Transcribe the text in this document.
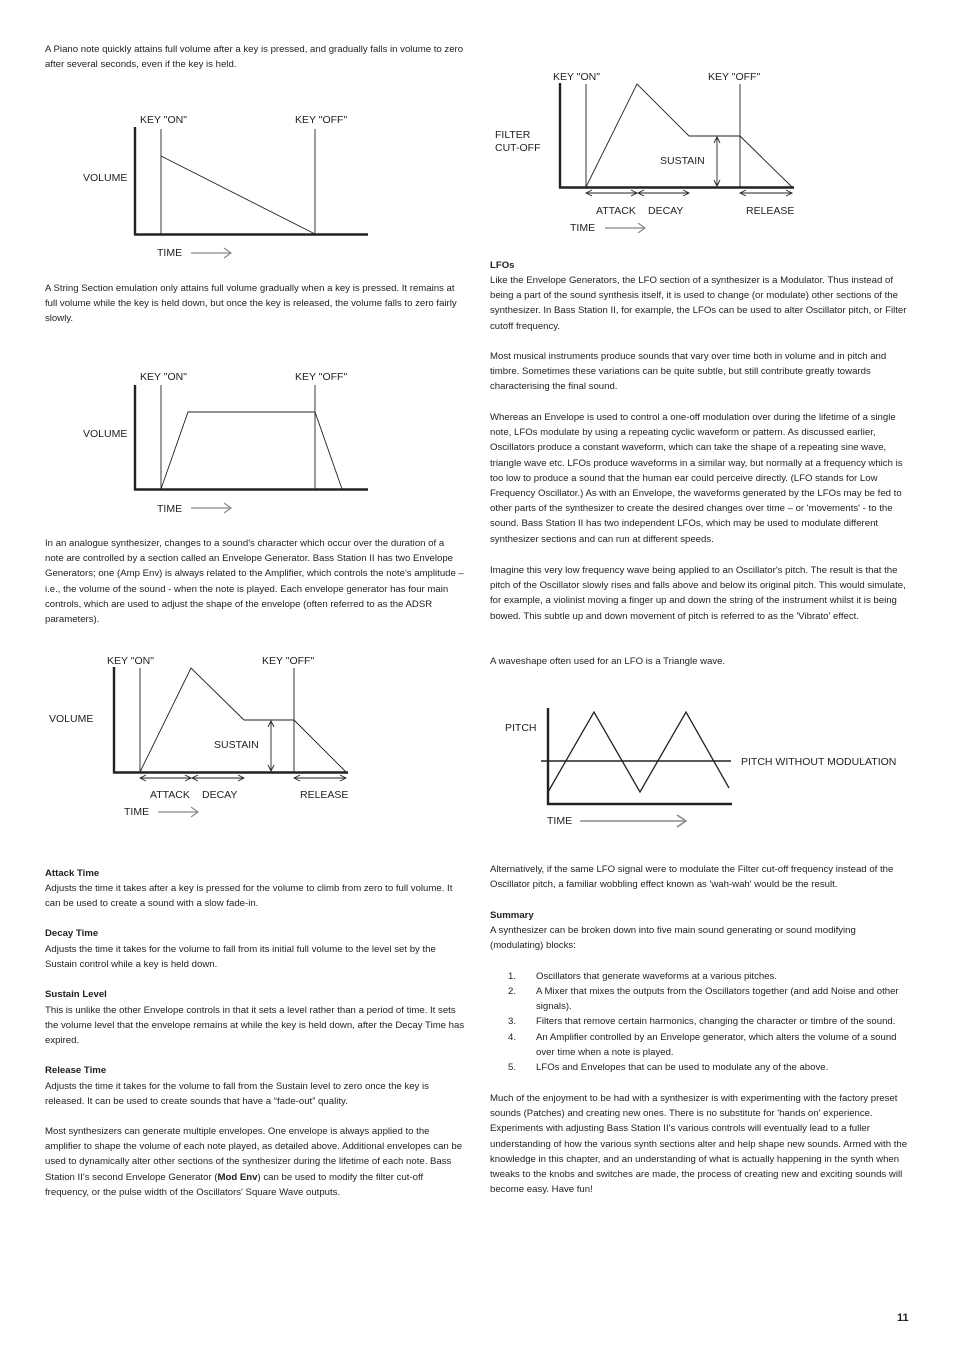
A Piano note quickly attains full volume after a key is pressed, and gradually falls in volume to zero after several seconds, even if the key is held.

A String Section emulation only attains full volume gradually when a key is pressed. It remains at full volume while the key is held down, but once the key is released, the volume falls to zero fairly slowly.

In an analogue synthesizer, changes to a sound's character which occur over the duration of a note are controlled by a section called an Envelope Generator. Bass Station II has two Envelope Generators; one (Amp Env) is always related to the Amplifier, which controls the note's amplitude – i.e., the volume of the sound - when the note is played. Each envelope generator has four main controls, which are used to adjust the shape of the envelope (often referred to as the ADSR parameters).

Attack Time

Adjusts the time it takes after a key is pressed for the volume to climb from zero to full volume. It can be used to create a sound with a slow fade-in.

Decay Time

Adjusts the time it takes for the volume to fall from its initial full volume to the level set by the Sustain control while a key is held down.

Sustain Level

This is unlike the other Envelope controls in that it sets a level rather than a period of time. It sets the volume level that the envelope remains at while the key is held down, after the Decay Time has expired.

Release Time

Adjusts the time it takes for the volume to fall from the Sustain level to zero once the key is released. It can be used to create sounds that have a “fade-out” quality.

Most synthesizers can generate multiple envelopes. One envelope is always applied to the amplifier to shape the volume of each note played, as detailed above. Additional envelopes can be used to dynamically alter other sections of the synthesizer during the lifetime of each note. Bass Station II's second Envelope Generator (Mod Env) can be used to modify the filter cut-off frequency, or the pulse width of the Oscillators' Square Wave outputs.

KEY "ON"	KEY "OFF"
VOLUME
TIME
KEY "ON"	KEY "OFF"
VOLUME
TIME
KEY "ON"	KEY "OFF"
VOLUME
SUSTAIN
ATTACK DECAY	RELEASE
TIME
KEY "ON"	KEY "OFF"
FILTER
CUT-OFF
SUSTAIN
ATTACK DECAY	RELEASE
TIME
LFOs

Like the Envelope Generators, the LFO section of a synthesizer is a Modulator. Thus instead of being a part of the sound synthesis itself, it is used to change (or modulate) other sections of the synthesizer. In Bass Station II, for example, the LFOs can be used to alter Oscillator pitch, or Filter cutoff frequency.

Most musical instruments produce sounds that vary over time both in volume and in pitch and timbre. Sometimes these variations can be quite subtle, but still contribute greatly towards characterising the final sound.

Whereas an Envelope is used to control a one-off modulation over during the lifetime of a single note, LFOs modulate by using a repeating cyclic waveform or pattern. As discussed earlier, Oscillators produce a constant waveform, which can take the shape of a repeating sine wave, triangle wave etc. LFOs produce waveforms in a similar way, but normally at a frequency which is too low to produce a sound that the human ear could perceive directly. (LFO stands for Low Frequency Oscillator.) As with an Envelope, the waveforms generated by the LFOs may be fed to other parts of the synthesizer to create the desired changes over time – or 'movements' - to the sound. Bass Station II has two independent LFOs, which may be used to modulate different synthesizer sections and can run at different speeds.

Imagine this very low frequency wave being applied to an Oscillator's pitch. The result is that the pitch of the Oscillator slowly rises and falls above and below its original pitch. This would simulate, for example, a violinist moving a finger up and down the string of the instrument whilst it is being bowed. This subtle up and down movement of pitch is referred to as the 'Vibrato' effect.

A waveshape often used for an LFO is a Triangle wave.

Alternatively, if the same LFO signal were to modulate the Filter cut-off frequency instead of the Oscillator pitch, a familiar wobbling effect known as 'wah-wah' would be the result.

Summary

A synthesizer can be broken down into five main sound generating or sound modifying (modulating) blocks:

1. Oscillators that generate waveforms at a various pitches.
2. A Mixer that mixes the outputs from the Oscillators together (and add Noise and other signals).
3. Filters that remove certain harmonics, changing the character or timbre of the sound.
4. An Amplifier controlled by an Envelope generator, which alters the volume of a sound over time when a note is played.
5. LFOs and Envelopes that can be used to modulate any of the above.

Much of the enjoyment to be had with a synthesizer is with experimenting with the factory preset sounds (Patches) and creating new ones. There is no substitute for 'hands on' experience. Experiments with adjusting Bass Station II's various controls will eventually lead to a fuller understanding of how the various synth sections alter and help shape new sounds. Armed with the knowledge in this chapter, and an understanding of what is actually happening in the synth when tweaks to the knobs and switches are made, the process of creating new and exciting sounds will become easy. Have fun!

PITCH
PITCH WITHOUT MODULATION
TIME
11
